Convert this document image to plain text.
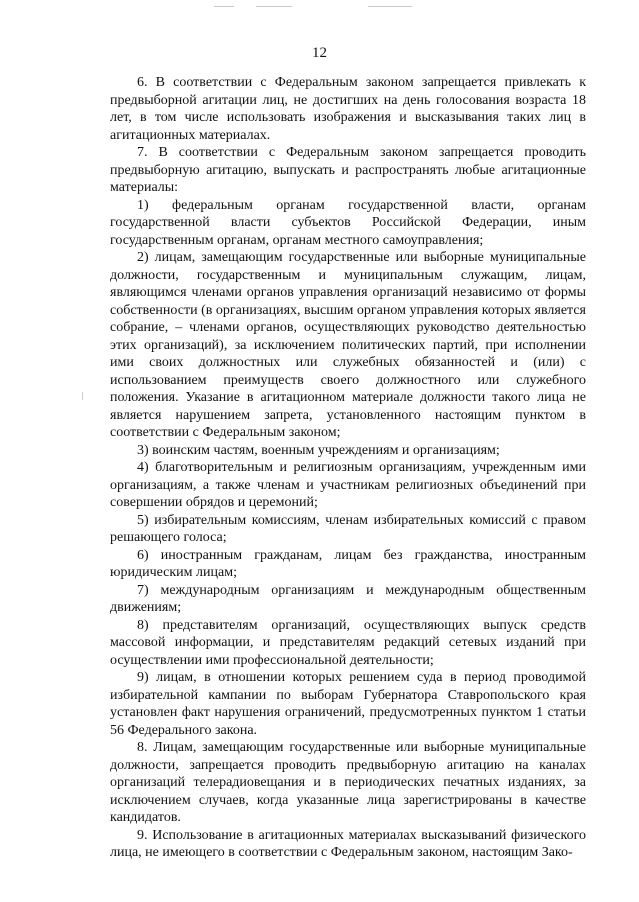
12

6. В соответствии с Федеральным законом запрещается привлекать к предвыборной агитации лиц, не достигших на день голосования возраста 18 лет, в том числе использовать изображения и высказывания таких лиц в агитационных материалах.

7. В соответствии с Федеральным законом запрещается проводить предвыборную агитацию, выпускать и распространять любые агитационные материалы:

1) федеральным органам государственной власти, органам государственной власти субъектов Российской Федерации, иным государственным органам, органам местного самоуправления;

2) лицам, замещающим государственные или выборные муниципальные должности, государственным и муниципальным служащим, лицам, являющимся членами органов управления организаций независимо от формы собственности (в организациях, высшим органом управления которых является собрание, – членами органов, осуществляющих руководство деятельностью этих организаций), за исключением политических партий, при исполнении ими своих должностных или служебных обязанностей и (или) с использованием преимуществ своего должностного или служебного положения. Указание в агитационном материале должности такого лица не является нарушением запрета, установленного настоящим пунктом в соответствии с Федеральным законом;

3) воинским частям, военным учреждениям и организациям;

4) благотворительным и религиозным организациям, учрежденным ими организациям, а также членам и участникам религиозных объединений при совершении обрядов и церемоний;

5) избирательным комиссиям, членам избирательных комиссий с правом решающего голоса;

6) иностранным гражданам, лицам без гражданства, иностранным юридическим лицам;

7) международным организациям и международным общественным движениям;

8) представителям организаций, осуществляющих выпуск средств массовой информации, и представителям редакций сетевых изданий при осуществлении ими профессиональной деятельности;

9) лицам, в отношении которых решением суда в период проводимой избирательной кампании по выборам Губернатора Ставропольского края установлен факт нарушения ограничений, предусмотренных пунктом 1 статьи 56 Федерального закона.

8. Лицам, замещающим государственные или выборные муниципальные должности, запрещается проводить предвыборную агитацию на каналах организаций телерадиовещания и в периодических печатных изданиях, за исключением случаев, когда указанные лица зарегистрированы в качестве кандидатов.

9. Использование в агитационных материалах высказываний физического лица, не имеющего в соответствии с Федеральным законом, настоящим Зако-
